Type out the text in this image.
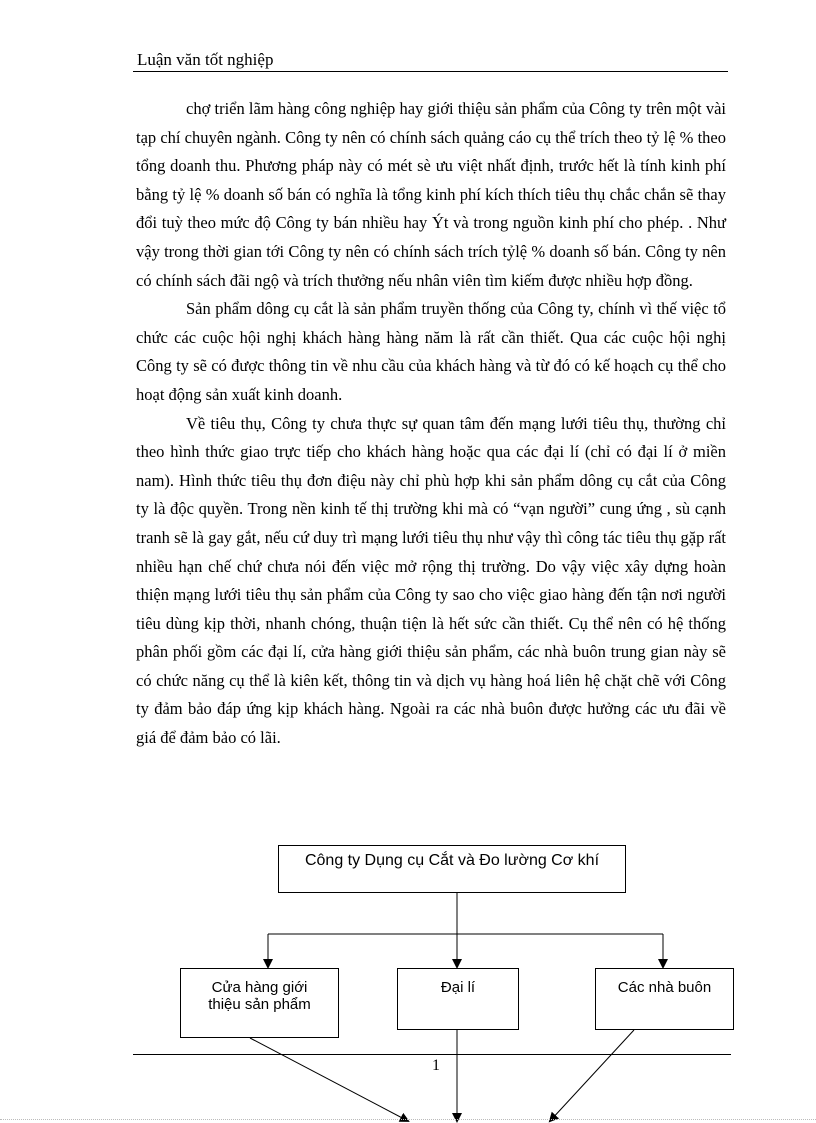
Luận văn tốt nghiệp

chợ triển lãm hàng công nghiệp hay giới thiệu sản phẩm của Công ty trên một vài tạp chí chuyên ngành. Công ty nên có chính sách quảng cáo cụ thể trích theo tỷ lệ % theo tổng doanh thu. Phương pháp này có mét sè ưu việt nhất định, trước hết là tính kinh phí bằng tỷ lệ % doanh số bán có nghĩa là tổng kinh phí kích thích tiêu thụ chắc chắn sẽ thay đổi tuỳ theo mức độ Công ty bán nhiều hay Ýt và trong nguồn kinh phí cho phép. . Như vậy trong thời gian tới Công ty nên có chính sách trích tỷlệ % doanh số bán. Công ty nên có chính sách đãi ngộ và trích thưởng nếu nhân viên tìm kiếm được nhiều hợp đồng.

Sản phẩm dông cụ cắt là sản phẩm truyền thống của Công ty, chính vì thế việc tổ chức các cuộc hội nghị khách hàng hàng năm là rất cần thiết. Qua các cuộc hội nghị Công ty sẽ có được thông tin về nhu cầu của khách hàng và từ đó có kế hoạch cụ thể cho hoạt động sản xuất kinh doanh.

Về tiêu thụ, Công ty chưa thực sự quan tâm đến mạng lưới tiêu thụ, thường chỉ theo hình thức giao trực tiếp cho khách hàng hoặc qua các đại lí (chỉ có đại lí ở miền nam). Hình thức tiêu thụ đơn điệu này chỉ phù hợp khi sản phẩm dông cụ cắt của Công ty là độc quyền. Trong nền kinh tế thị trường khi mà có “vạn người” cung ứng , sù cạnh tranh sẽ là gay gắt, nếu cứ duy trì mạng lưới tiêu thụ như vậy thì công tác tiêu thụ gặp rất nhiều hạn chế chứ chưa nói đến việc mở rộng thị trường. Do vậy việc xây dựng hoàn thiện mạng lưới tiêu thụ sản phẩm của Công ty sao cho việc giao hàng đến tận nơi người tiêu dùng kịp thời, nhanh chóng, thuận tiện là hết sức cần thiết. Cụ thể nên có hệ thống phân phối gồm các đại lí, cửa hàng giới thiệu sản phẩm, các nhà buôn trung gian này sẽ có chức năng cụ thể là kiên kết, thông tin và dịch vụ hàng hoá liên hệ chặt chẽ với Công ty đảm bảo đáp ứng kịp khách hàng. Ngoài ra các nhà buôn được hưởng các ưu đãi về giá để đảm bảo có lãi.

Công ty Dụng cụ Cắt và Đo lường Cơ khí
Cửa hàng giới
thiệu sản phẩm
Đại lí	Các nhà buôn
1
